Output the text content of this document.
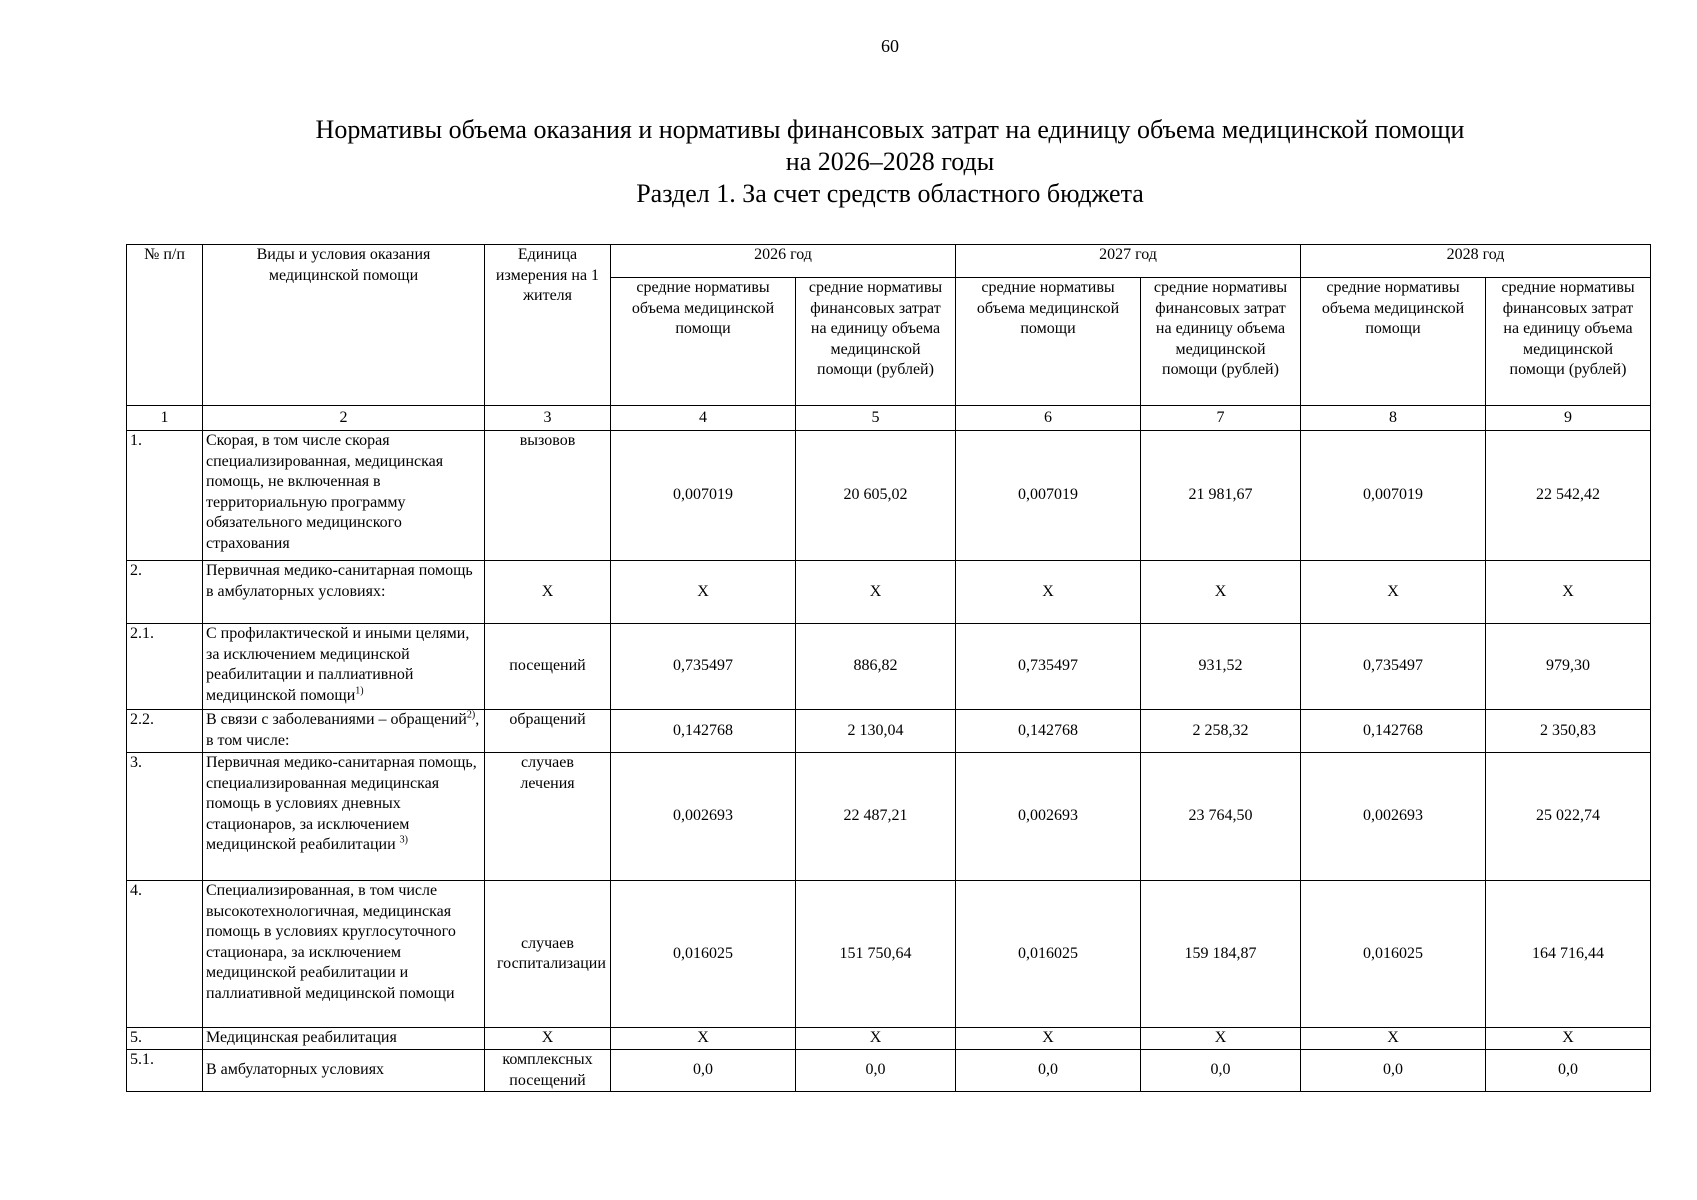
60
Нормативы объема оказания и нормативы финансовых затрат на единицу объема медицинской помощи
на 2026–2028 годы
Раздел 1. За счет средств областного бюджета
№ п/п	Виды и условия оказания медицинской помощи	Единица измерения на 1 жителя	2026 год		2027 год		2028 год	
			средние нормативы объема медицинской помощи	средние нормативы финансовых затрат на единицу объема медицинской помощи (рублей)	средние нормативы объема медицинской помощи	средние нормативы финансовых затрат на единицу объема медицинской помощи (рублей)	средние нормативы объема медицинской помощи	средние нормативы финансовых затрат на единицу объема медицинской помощи (рублей)
1	2	3	4	5	6	7	8	9
1.	Скорая, в том числе скорая специализированная, медицинская помощь, не включенная в территориальную программу обязательного медицинского страхования	вызовов	0,007019	20 605,02	0,007019	21 981,67	0,007019	22 542,42
2.	Первичная медико-санитарная помощь в амбулаторных условиях:	Х	Х	Х	Х	Х	Х	Х
2.1.	С профилактической и иными целями, за исключением медицинской реабилитации и паллиативной медицинской помощи$^{1)}$	посещений	0,735497	886,82	0,735497	931,52	0,735497	979,30
2.2.	В связи с заболеваниями – обращений$^{2)}$, в том числе:	обращений	0,142768	2 130,04	0,142768	2 258,32	0,142768	2 350,83
3.	Первичная медико-санитарная помощь, специализированная медицинская помощь в условиях дневных стационаров, за исключением медицинской реабилитации $^{3)}$	случаев лечения	0,002693	22 487,21	0,002693	23 764,50	0,002693	25 022,74
4.	Специализированная, в том числе высокотехнологичная, медицинская помощь в условиях круглосуточного стационара, за исключением медицинской реабилитации и паллиативной медицинской помощи	случаев госпитализации	0,016025	151 750,64	0,016025	159 184,87	0,016025	164 716,44
5.	Медицинская реабилитация	Х	Х	Х	Х	Х	Х	Х
5.1.	В амбулаторных условиях	комплексных посещений	0,0	0,0	0,0	0,0	0,0	0,0
